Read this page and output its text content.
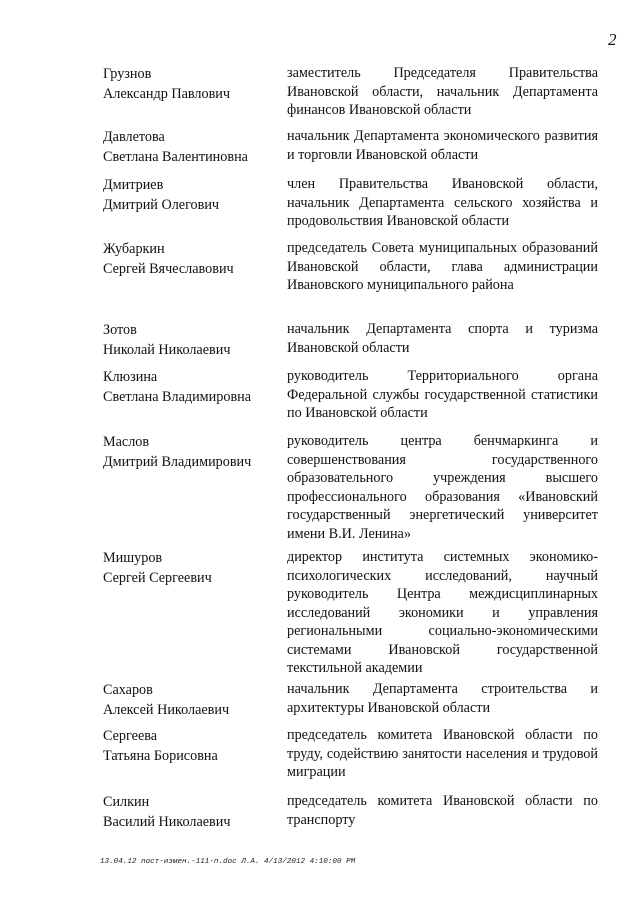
2
Грузнов
Александр Павлович
заместитель Председателя Правительства Ивановской области, начальник Департамента финансов Ивановской области
Давлетова
Светлана Валентиновна
начальник Департамента экономического развития и торговли Ивановской области
Дмитриев
Дмитрий Олегович
член Правительства Ивановской области, начальник Департамента сельского хозяйства и продовольствия Ивановской области
Жубаркин
Сергей Вячеславович
председатель Совета муниципальных образований Ивановской области, глава администрации Ивановского муниципального района
Зотов
Николай Николаевич
начальник Департамента спорта и туризма Ивановской области
Клюзина
Светлана Владимировна
руководитель Территориального органа Федеральной службы государственной статистики по Ивановской области
Маслов
Дмитрий Владимирович
руководитель центра бенчмаркинга и совершенствования государственного образовательного учреждения высшего профессионального образования «Ивановский государственный энергетический университет имени В.И. Ленина»
Мишуров
Сергей Сергеевич
директор института системных экономико-психологических исследований, научный руководитель Центра междисциплинарных исследований экономики и управления региональными социально-экономическими системами Ивановской государственной текстильной академии
Сахаров
Алексей Николаевич
начальник Департамента строительства и архитектуры Ивановской области
Сергеева
Татьяна Борисовна
председатель комитета Ивановской области по труду, содействию занятости населения и трудовой миграции
Силкин
Василий Николаевич
председатель комитета Ивановской области по транспорту
13.04.12 пост-измен.-111-п.doc Л.А. 4/13/2012 4:10:00 PM
